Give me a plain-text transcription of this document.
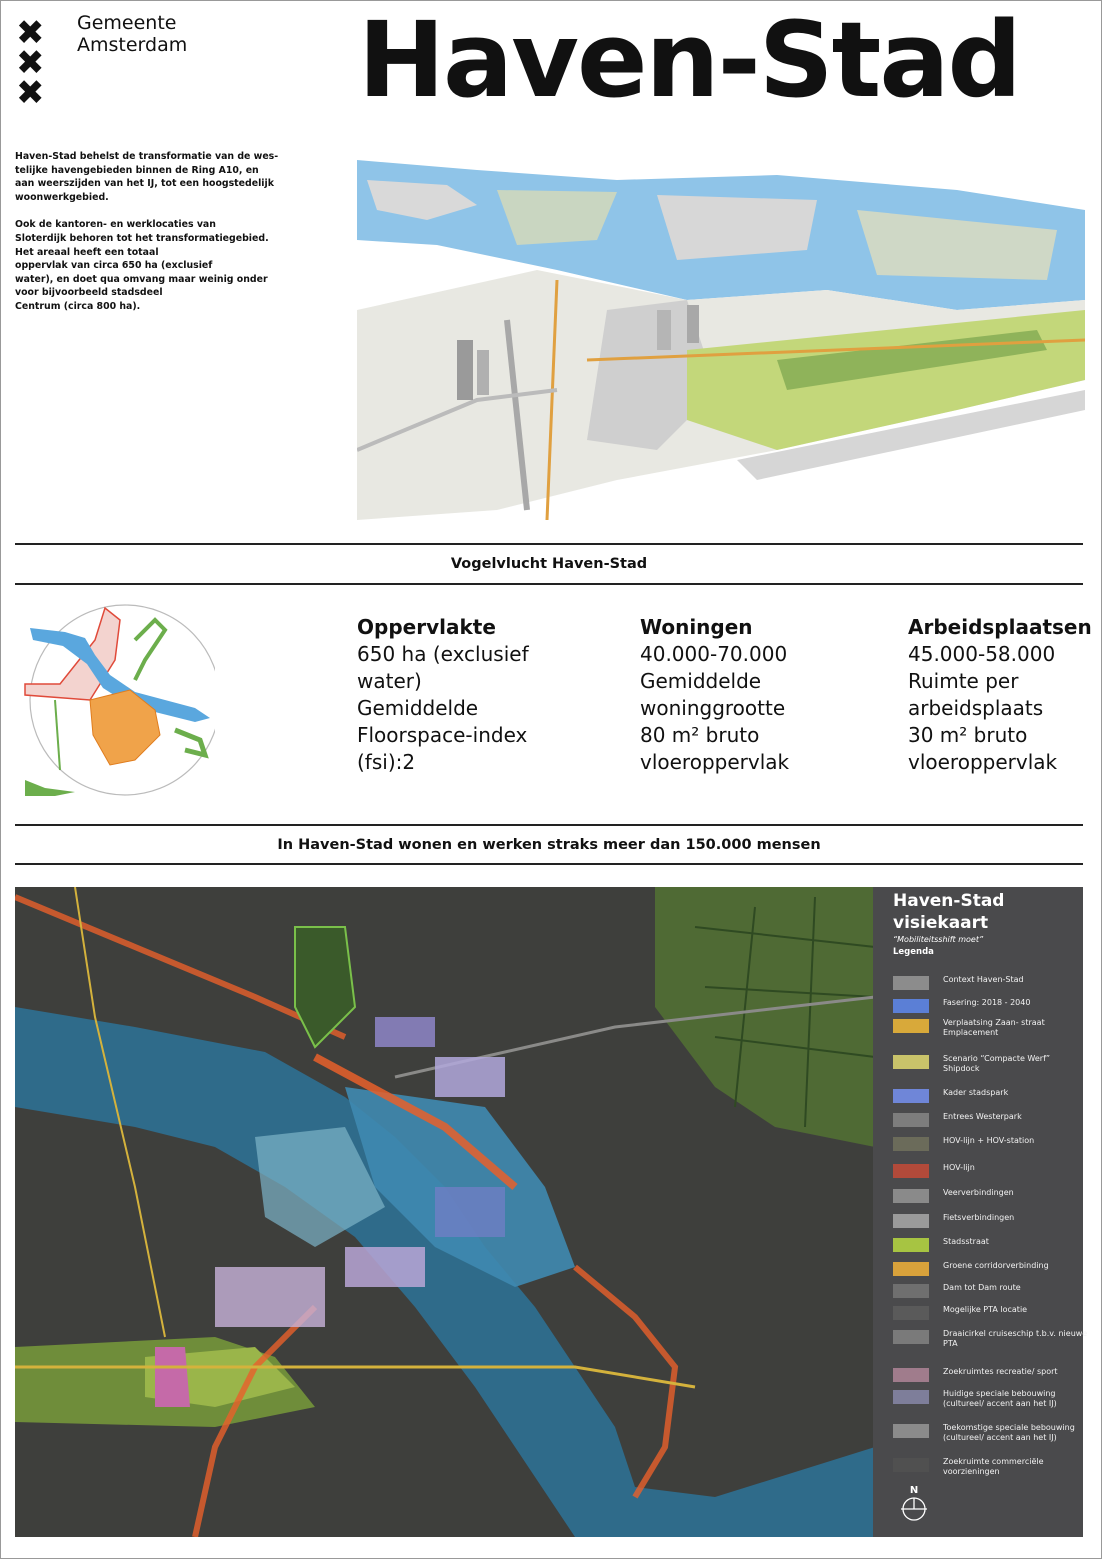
✖
✖
✖
Gemeente
Amsterdam Haven-Stad

Haven-Stad behelst de transformatie van de wes-
telijke havengebieden binnen de Ring A10, en
aan weerszijden van het IJ, tot een hoogstedelijk
woonwerkgebied.

Ook de kantoren- en werklocaties van
Sloterdijk behoren tot het transformatiegebied.
Het areaal heeft een totaal
oppervlak van circa 650 ha (exclusief
water), en doet qua omvang maar weinig onder
voor bijvoorbeeld stadsdeel
Centrum (circa 800 ha).

Vogelvlucht Haven-Stad
Oppervlakte
650 ha (exclusief
water)
Gemiddelde
Floorspace-index
(fsi):2
Woningen
40.000-70.000
Gemiddelde
woninggrootte
80 m² bruto
vloeroppervlak
Arbeidsplaatsen
45.000-58.000
Ruimte per
arbeidsplaats
30 m² bruto
vloeroppervlak
In Haven-Stad wonen en werken straks meer dan 150.000 mensen
Haven-Stad
visiekaart
“Mobiliteitsshift moet”
Legenda
Context Haven-Stad
Fasering: 2018 - 2040
Verplaatsing Zaan- straat Emplacement
Scenario “Compacte Werf” Shipdock
Kader stadspark
Entrees Westerpark
HOV-lijn + HOV-station
HOV-lijn
Veerverbindingen
Fietsverbindingen
Stadsstraat
Groene corridorverbinding
Dam tot Dam route
Mogelijke PTA locatie
Draaicirkel cruiseschip t.b.v. nieuwe PTA
Zoekruimtes recreatie/ sport
Huidige speciale bebouwing (cultureel/ accent aan het IJ)
Toekomstige speciale bebouwing (cultureel/ accent aan het IJ)
Zoekruimte commerciële voorzieningen
N
